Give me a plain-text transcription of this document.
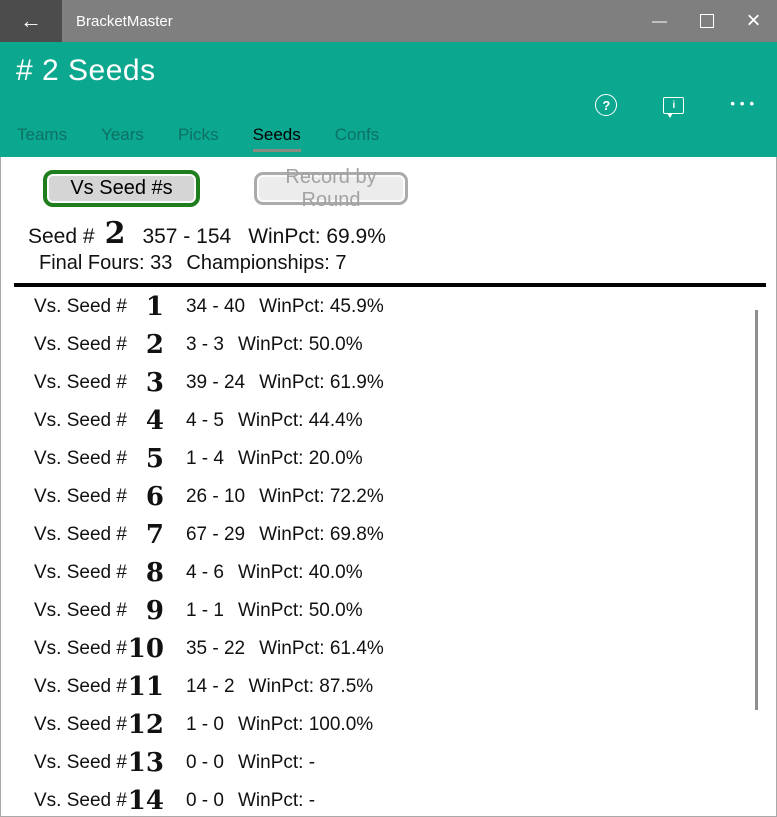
← BracketMaster	—	×
# 2 Seeds
?	i	•••
Teams Years Picks Seeds Confs
Vs Seed #s
Record by Round
Seed # 2 357 - 154 WinPct: 69.9%
Final Fours: 33 Championships: 7
Vs. Seed # 1 34 - 40 WinPct: 45.9%
Vs. Seed # 2 3 - 3 WinPct: 50.0%
Vs. Seed # 3 39 - 24 WinPct: 61.9%
Vs. Seed # 4 4 - 5 WinPct: 44.4%
Vs. Seed # 5 1 - 4 WinPct: 20.0%
Vs. Seed # 6 26 - 10 WinPct: 72.2%
Vs. Seed # 7 67 - 29 WinPct: 69.8%
Vs. Seed # 8 4 - 6 WinPct: 40.0%
Vs. Seed # 9 1 - 1 WinPct: 50.0%
Vs. Seed # 10 35 - 22 WinPct: 61.4%
Vs. Seed # 11 14 - 2 WinPct: 87.5%
Vs. Seed # 12 1 - 0 WinPct: 100.0%
Vs. Seed # 13 0 - 0 WinPct: -
Vs. Seed # 14 0 - 0 WinPct: -
